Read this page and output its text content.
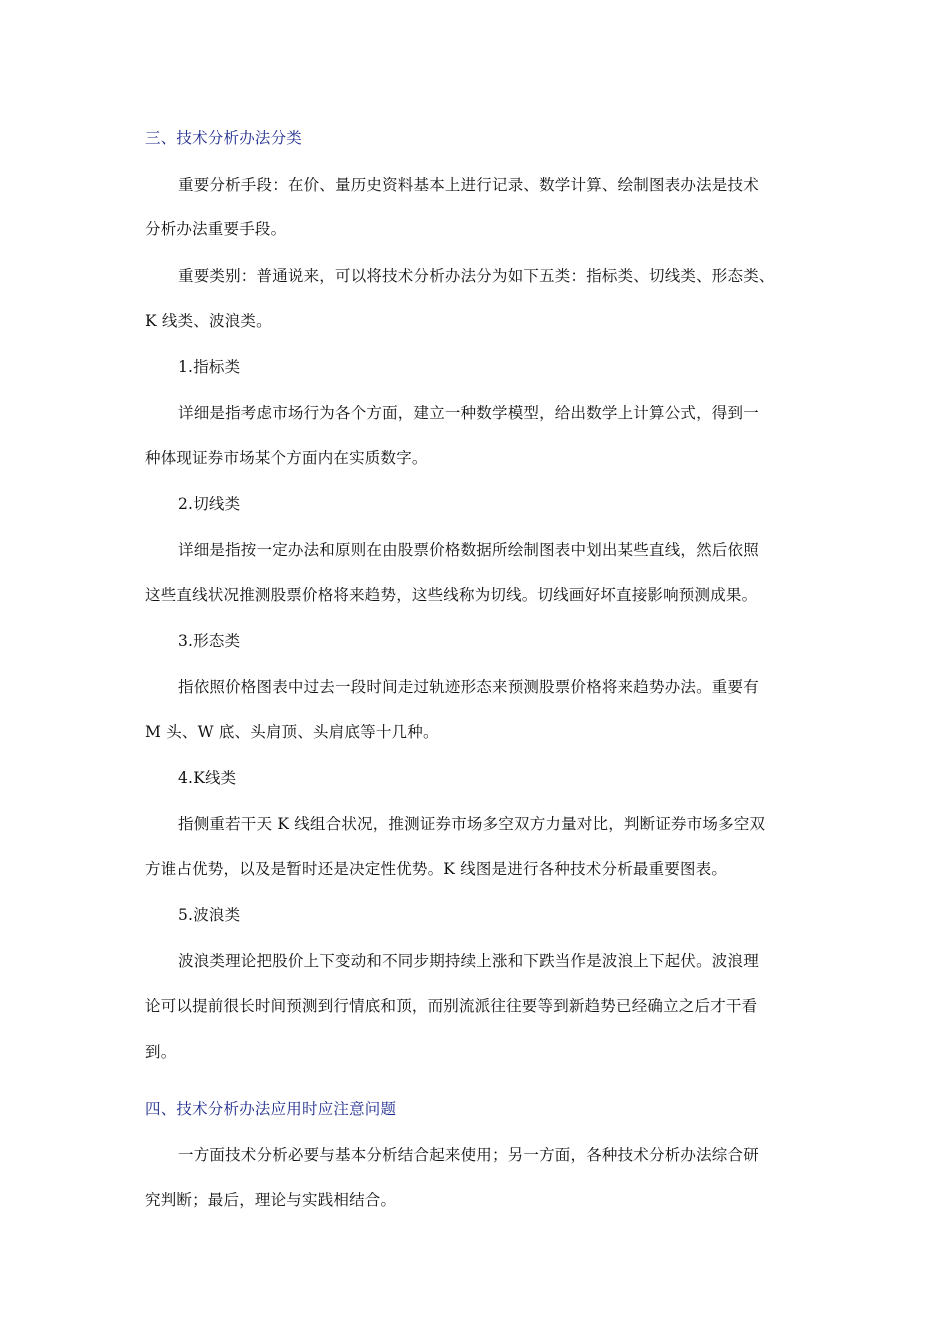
三、技术分析办法分类
重要分析手段：在价、量历史资料基本上进行记录、数学计算、绘制图表办法是技术
分析办法重要手段。
重要类别：普通说来，可以将技术分析办法分为如下五类：指标类、切线类、形态类、
K 线类、波浪类。
1.指标类
详细是指考虑市场行为各个方面，建立一种数学模型，给出数学上计算公式，得到一
种体现证券市场某个方面内在实质数字。
2.切线类
详细是指按一定办法和原则在由股票价格数据所绘制图表中划出某些直线，然后依照
这些直线状况推测股票价格将来趋势，这些线称为切线。切线画好坏直接影响预测成果。
3.形态类
指依照价格图表中过去一段时间走过轨迹形态来预测股票价格将来趋势办法。重要有
M 头、W 底、头肩顶、头肩底等十几种。
4.K线类
指侧重若干天 K 线组合状况，推测证券市场多空双方力量对比，判断证券市场多空双
方谁占优势，以及是暂时还是决定性优势。K 线图是进行各种技术分析最重要图表。
5.波浪类
波浪类理论把股价上下变动和不同步期持续上涨和下跌当作是波浪上下起伏。波浪理
论可以提前很长时间预测到行情底和顶，而别流派往往要等到新趋势已经确立之后才干看
到。
四、技术分析办法应用时应注意问题
一方面技术分析必要与基本分析结合起来使用；另一方面，各种技术分析办法综合研
究判断；最后，理论与实践相结合。
